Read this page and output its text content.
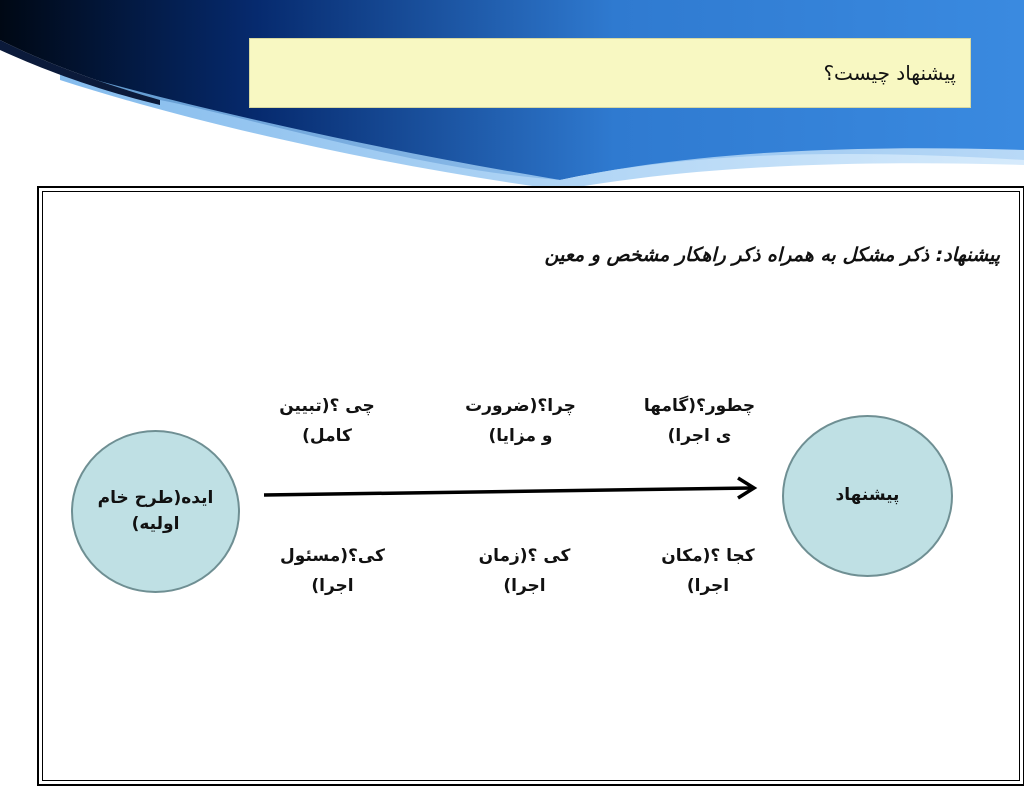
پیشنهاد چیست؟
پیشنهاد: ذکر مشکل به همراه ذکر راهکار مشخص و معین
ایده(طرح خام اولیه)
پیشنهاد
چی ؟(تبیین
کامل)
چرا؟(ضرورت
و مزایا)
چطور؟(گامها
ی اجرا)
کی؟(مسئول
اجرا)
کی ؟(زمان
اجرا)
کجا ؟(مکان
اجرا)
